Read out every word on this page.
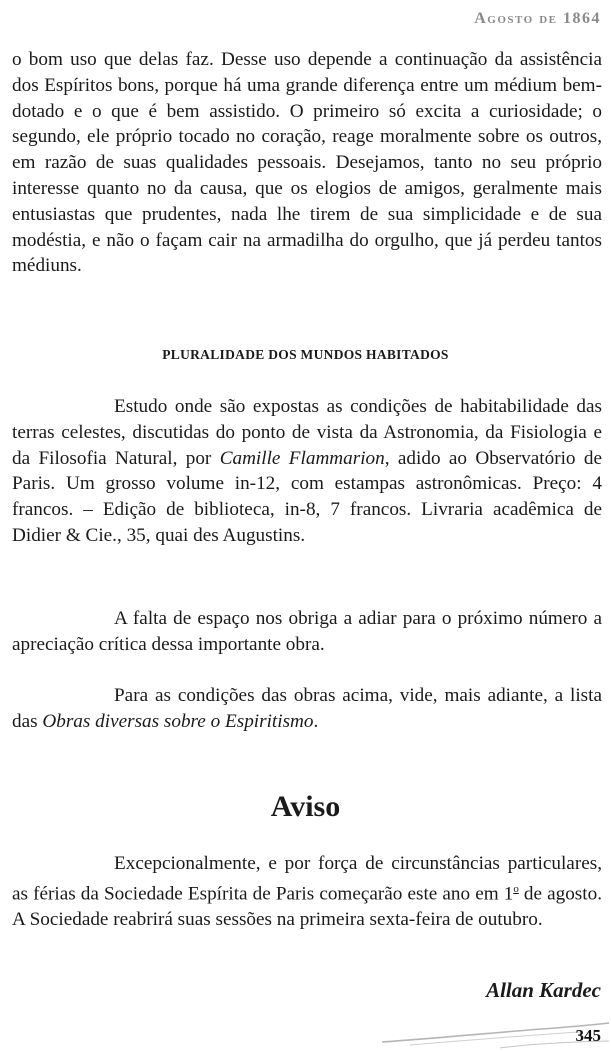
Agosto de 1864
o bom uso que delas faz. Desse uso depende a continuação da assistência dos Espíritos bons, porque há uma grande diferença entre um médium bem-dotado e o que é bem assistido. O primeiro só excita a curiosidade; o segundo, ele próprio tocado no coração, reage moralmente sobre os outros, em razão de suas qualidades pessoais. Desejamos, tanto no seu próprio interesse quanto no da causa, que os elogios de amigos, geralmente mais entusiastas que prudentes, nada lhe tirem de sua simplicidade e de sua modéstia, e não o façam cair na armadilha do orgulho, que já perdeu tantos médiuns.
PLURALIDADE DOS MUNDOS HABITADOS
Estudo onde são expostas as condições de habitabilidade das terras celestes, discutidas do ponto de vista da Astronomia, da Fisiologia e da Filosofia Natural, por Camille Flammarion, adido ao Observatório de Paris. Um grosso volume in-12, com estampas astronômicas. Preço: 4 francos. – Edição de biblioteca, in-8, 7 francos. Livraria acadêmica de Didier & Cie., 35, quai des Augustins.
A falta de espaço nos obriga a adiar para o próximo número a apreciação crítica dessa importante obra.
Para as condições das obras acima, vide, mais adiante, a lista das Obras diversas sobre o Espiritismo.
Aviso
Excepcionalmente, e por força de circunstâncias particulares, as férias da Sociedade Espírita de Paris começarão este ano em 1$^o$ de agosto. A Sociedade reabrirá suas sessões na primeira sexta-feira de outubro.
Allan Kardec
345
